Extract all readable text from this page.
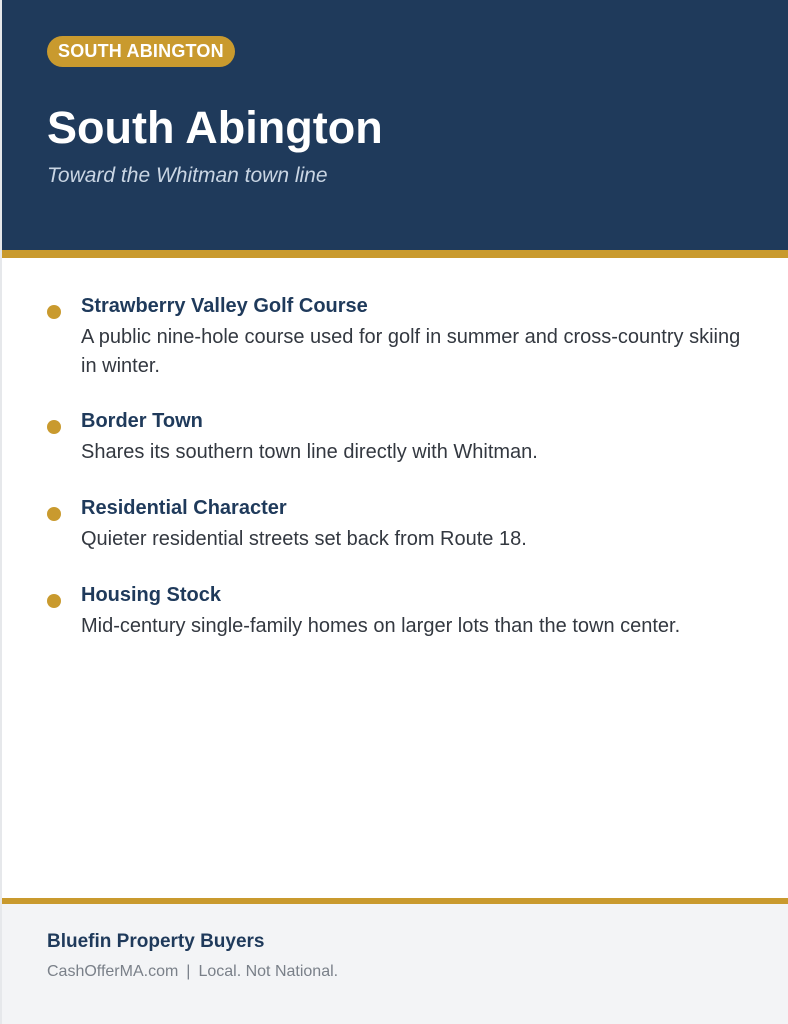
SOUTH ABINGTON
South Abington

Toward the Whitman town line

Strawberry Valley Golf Course

A public nine-hole course used for golf in summer and cross-country skiing in winter.

Border Town

Shares its southern town line directly with Whitman.

Residential Character

Quieter residential streets set back from Route 18.

Housing Stock

Mid-century single-family homes on larger lots than the town center.

Bluefin Property Buyers

CashOfferMA.com | Local. Not National.
